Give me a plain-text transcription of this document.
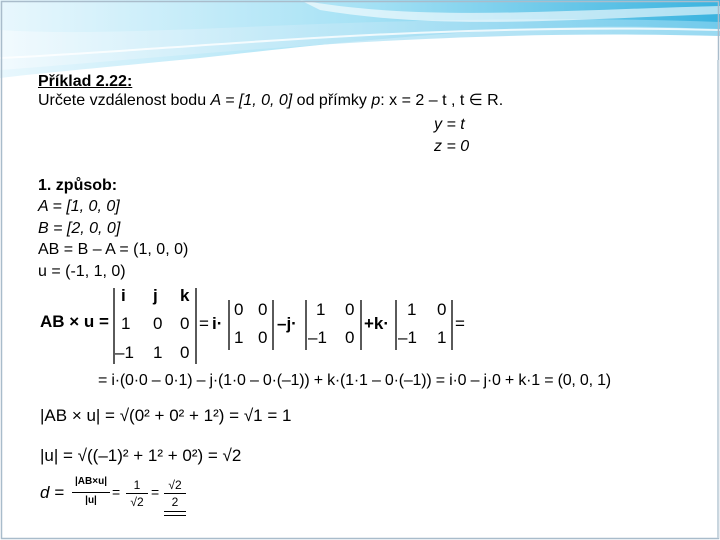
Příklad 2.22:
Určete vzdálenost bodu A = [1, 0, 0] od přímky p: x = 2 – t , t ∈ R.
y = t
z = 0
1. způsob:
A = [1, 0, 0]
B = [2, 0, 0]
AB = B – A = (1, 0, 0)
u = (-1, 1, 0)
AB × u =
i j k
1 0 0
–1 1 0
= i·
0 0
1 0
–j·
1 0
–1 0
+k·
1 0
–1 1
=
= i·(0·0 – 0·1) – j·(1·0 – 0·(–1)) + k·(1·1 – 0·(–1)) = i·0 – j·0 + k·1 = (0, 0, 1)
|AB × u| = √(0² + 0² + 1²) = √1 = 1
|u| = √((–1)² + 1² + 0²) = √2
d =
|AB×u|
|u|
=	1
√2
= √2
2
